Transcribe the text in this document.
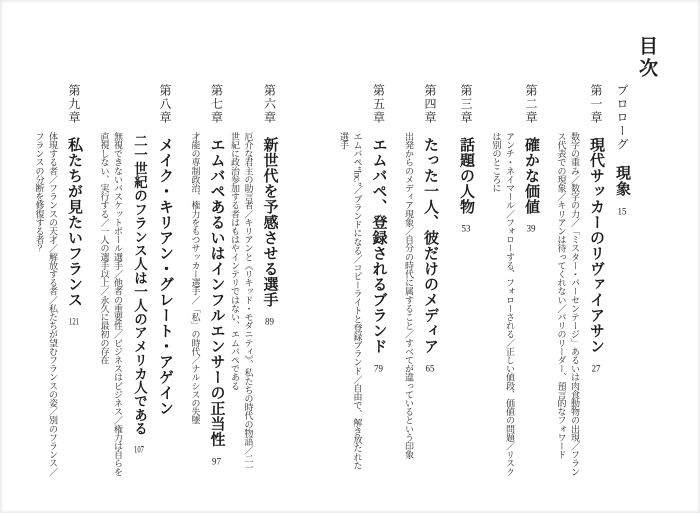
目次
プロローグ現象15
第一章現代サッカーのリヴァイアサン27
数字の重み／数字の力／「ミスター・パーセンテージ」あるいは肉食動物の出現／フランス代表での現象／キリアンは待ってくれない／パリのリーダー、預言的なフォワード
第二章確かな価値39
アンチ・ネイマール／フォローする、フォローされる／正しい値段、価値の問題／リスクは別のところに
第三章話題の人物53
第四章たった一人、彼だけのメディア65
出発からのメディア現象／自分の時代に属すること／すべてが違っているという印象
第五章エムバペ、登録されるブランド79
エムバペ“Inc.”／ブランドになる／コピーライトと登録ブランド／自由で、解き放たれた選手
第六章新世代を予感させる選手89
厄介な君主の助言者／キリアンと《リキッド・モダニティ》、私たちの時代の物語／二一世紀に政治参加する者はもはやインテリではない、エムバペである
第七章エムバペあるいはインフルエンサーの正当性97
才能の専制政治、権力をもつサッカー選手／「私」の時代／ナルシスの失墜
第八章メイク・キリアン・グレート・アゲイン
二一世紀のフランス人は一人のアメリカ人である107
無視できないバスケットボール選手／他者の重要性／ビジネスはビジネス／権力は自らを直視しない、実行する／一人の選手以上／永久に最初の存在
第九章私たちが見たいフランス121
体現する者／フランスの天才／解放する者／私たちが望むフランスの姿／別のフランス／フランスの分断を修復する者？
